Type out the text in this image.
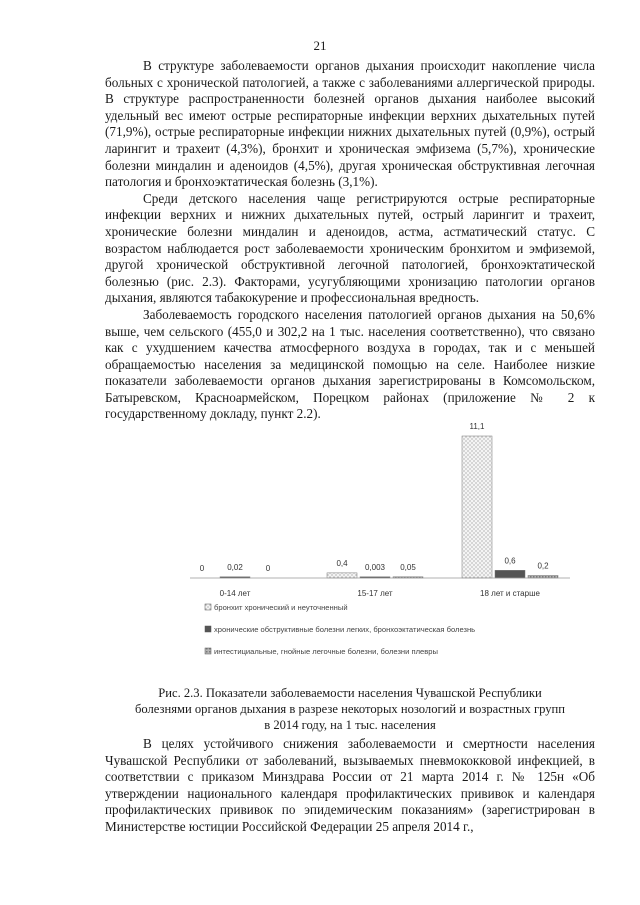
21

В структуре заболеваемости органов дыхания происходит накопление числа больных с хронической патологией, а также с заболеваниями аллергической природы. В структуре распространенности болезней органов дыхания наиболее высокий удельный вес имеют острые респираторные инфекции верхних дыхательных путей (71,9%), острые респираторные инфекции нижних дыхательных путей (0,9%), острый ларингит и трахеит (4,3%), бронхит и хроническая эмфизема (5,7%), хронические болезни миндалин и аденоидов (4,5%), другая хроническая обструктивная легочная патология и бронхоэктатическая болезнь (3,1%).

Среди детского населения чаще регистрируются острые респираторные инфекции верхних и нижних дыхательных путей, острый ларингит и трахеит, хронические болезни миндалин и аденоидов, астма, астматический статус. С возрастом наблюдается рост заболеваемости хроническим бронхитом и эмфиземой, другой хронической обструктивной легочной патологией, бронхоэктатической болезнью (рис. 2.3). Факторами, усугубляющими хронизацию патологии органов дыхания, являются табакокурение и профессиональная вредность.

Заболеваемость городского населения патологией органов дыхания на 50,6% выше, чем сельского (455,0 и 302,2 на 1 тыс. населения соответственно), что связано как с ухудшением качества атмосферного воздуха в городах, так и с меньшей обращаемостью населения за медицинской помощью на селе. Наиболее низкие показатели заболеваемости органов дыхания зарегистрированы в Комсомольском, Батыревском, Красноармейском, Порецком районах (приложение № 2 к государственному докладу, пункт 2.2).

0	0,02	0
0,4 0,003 0,05
11,1
0,6
0,2
0-14 лет	15-17 лет	18 лет и старше
бронхит хронический и неуточненный
хронические обструктивные болезни легких, бронхоэктатическая болезнь
интестициальные, гнойные легочные болезни, болезни плевры
Рис. 2.3. Показатели заболеваемости населения Чувашской Республики
болезнями органов дыхания в разрезе некоторых нозологий и возрастных групп
в 2014 году, на 1 тыс. населения

В целях устойчивого снижения заболеваемости и смертности населения Чувашской Республики от заболеваний, вызываемых пневмококковой инфекцией, в соответствии с приказом Минздрава России от 21 марта 2014 г. № 125н «Об утверждении национального календаря профилактических прививок и календаря профилактических прививок по эпидемическим показаниям» (зарегистрирован в Министерстве юстиции Российской Федерации 25 апреля 2014 г.,
